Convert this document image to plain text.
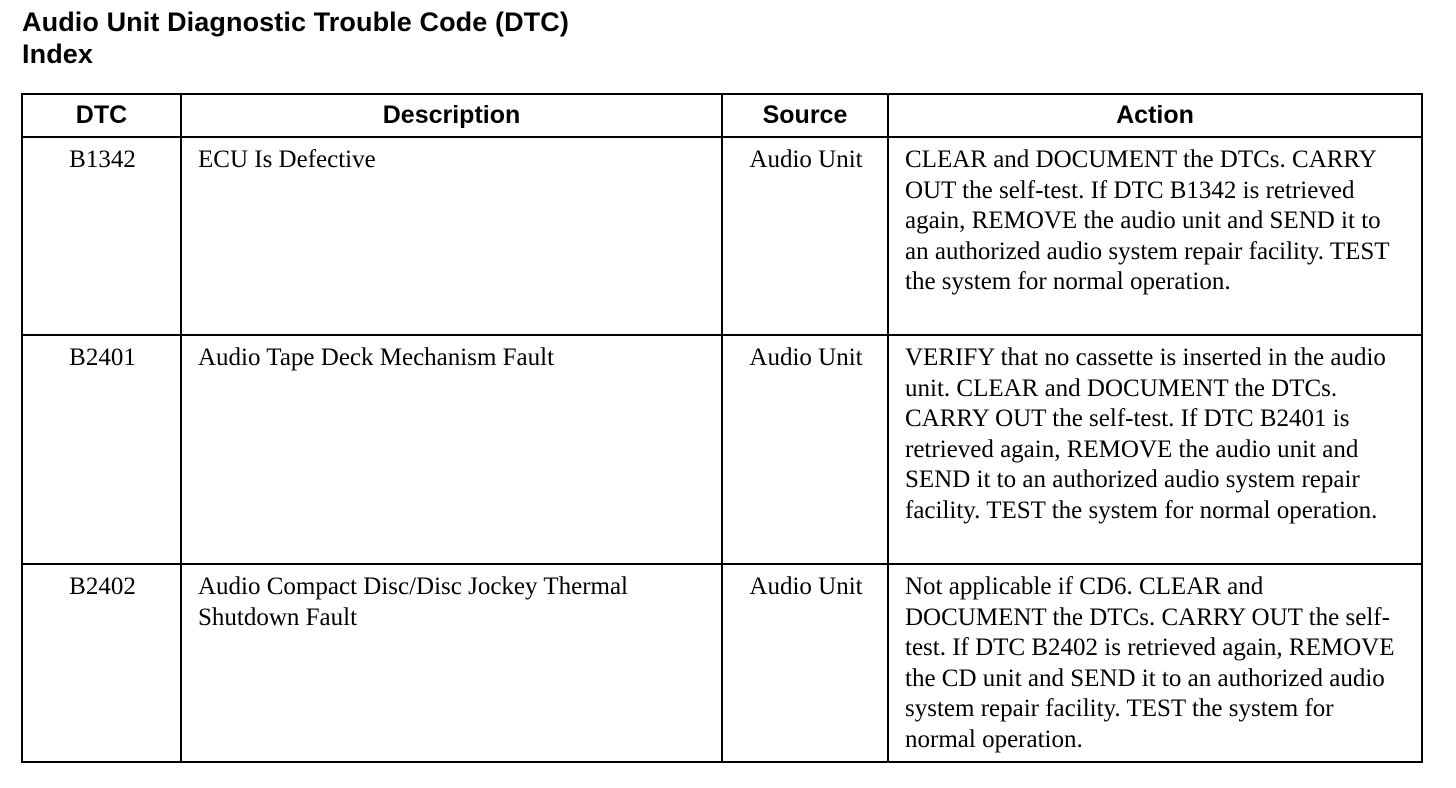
Audio Unit Diagnostic Trouble Code (DTC)
Index
DTC	Description	Source	Action
B1342	ECU Is Defective	Audio Unit	CLEAR and DOCUMENT the DTCs. CARRY OUT the self-test. If DTC B1342 is retrieved again, REMOVE the audio unit and SEND it to an authorized audio system repair facility. TEST the system for normal operation.
B2401	Audio Tape Deck Mechanism Fault	Audio Unit	VERIFY that no cassette is inserted in the audio unit. CLEAR and DOCUMENT the DTCs. CARRY OUT the self-test. If DTC B2401 is retrieved again, REMOVE the audio unit and SEND it to an authorized audio system repair facility. TEST the system for normal operation.
B2402	Audio Compact Disc/Disc Jockey Thermal Shutdown Fault	Audio Unit	Not applicable if CD6. CLEAR and DOCUMENT the DTCs. CARRY OUT the self-test. If DTC B2402 is retrieved again, REMOVE the CD unit and SEND it to an authorized audio system repair facility. TEST the system for normal operation.
